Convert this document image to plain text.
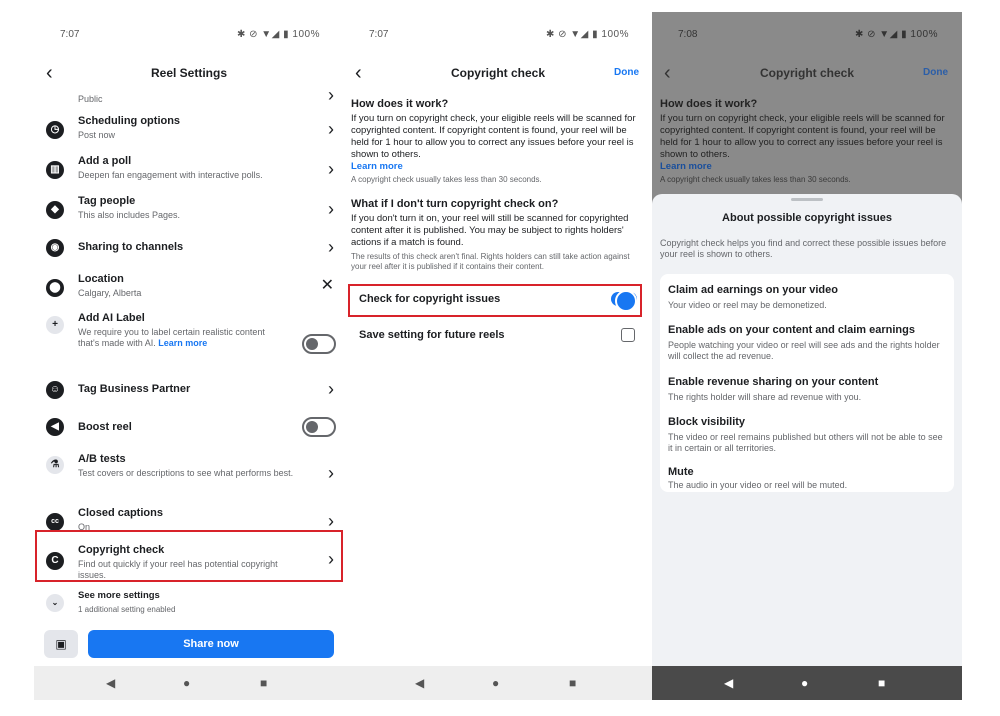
7:07	✱ ⊘ ▼◢ ▮ 100%
‹	Reel Settings
Public	›
◷
Scheduling options
Post now	›
▥
Add a poll
Deepen fan engagement with interactive polls.	›
◆
Tag people
This also includes Pages.	›
◉	Sharing to channels	›
⬤
Location
Calgary, Alberta	✕
+
Add AI Label
We require you to label certain realistic content that's made with AI. Learn more
☺	Tag Business Partner	›
◀	Boost reel
⚗	A/B tests
Test covers or descriptions to see what performs best. ›
cc
Closed captions
On	›
C
Copyright check
Find out quickly if your reel has potential copyright issues.
›
⌄
See more settings
1 additional setting enabled
▣	Share now
◀	●	■
7:07	✱ ⊘ ▼◢ ▮ 100%
‹	Copyright check	Done
How does it work?
If you turn on copyright check, your eligible reels will be scanned for copyrighted content. If copyright content is found, your reel will be held for 1 hour to allow you to correct any issues before your reel is shown to others.
Learn more
A copyright check usually takes less than 30 seconds.
What if I don't turn copyright check on?
If you don't turn it on, your reel will still be scanned for copyrighted content after it is published. You may be subject to rights holders' actions if a match is found.
The results of this check aren't final. Rights holders can still take action against your reel after it is published if it contains their content.
Check for copyright issues
Save setting for future reels
◀	●	■
7:08	✱ ⊘ ▼◢ ▮ 100%
‹	Copyright check	Done
How does it work?
If you turn on copyright check, your eligible reels will be scanned for copyrighted content. If copyright content is found, your reel will be held for 1 hour to allow you to correct any issues before your reel is shown to others.
Learn more
A copyright check usually takes less than 30 seconds.
About possible copyright issues
Copyright check helps you find and correct these possible issues before your reel is shown to others.
Claim ad earnings on your video
Your video or reel may be demonetized.
Enable ads on your content and claim earnings
People watching your video or reel will see ads and the rights holder will collect the ad revenue.
Enable revenue sharing on your content
The rights holder will share ad revenue with you.
Block visibility
The video or reel remains published but others will not be able to see it in certain or all territories.
Mute
The audio in your video or reel will be muted.
◀	●	■
